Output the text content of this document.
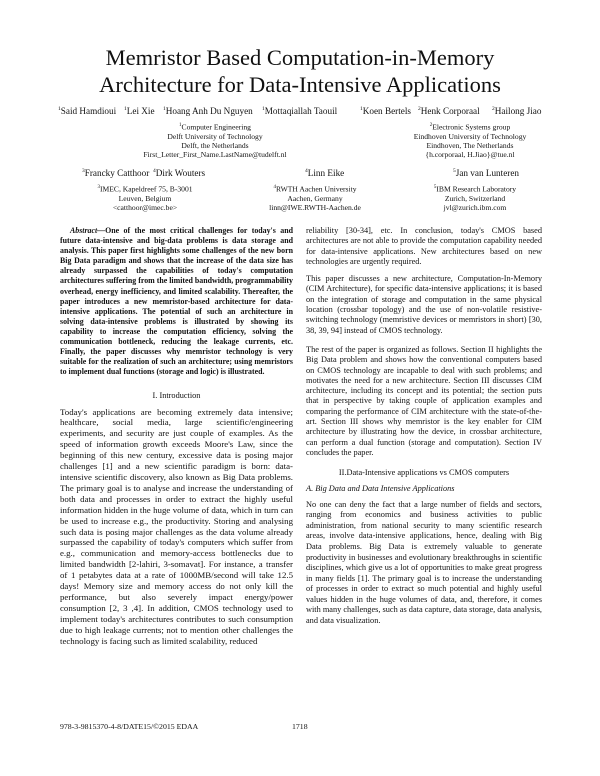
Memristor Based Computation-in-Memory
Architecture for Data-Intensive Applications
$^1$Said Hamdioui $^1$Lei Xie $^1$Hoang Anh Du Nguyen $^1$Mottaqiallah Taouil	$^1$Koen Bertels $^2$Henk Corporaal $^2$Hailong Jiao
$^1$Computer Engineering
Delft University of Technology
Delft, the Netherlands
First_Letter_First_Name.LastName@tudelft.nl
$^2$Electronic Systems group
Eindhoven University of Technology
Eindhoven, The Netherlands
{h.corporaal, H.Jiao}@tue.nl
$^3$Francky Catthoor $^4$Dirk Wouters	$^4$Linn Eike	$^5$Jan van Lunteren
$^3$IMEC, Kapeldreef 75, B-3001
Leuven, Belgium
<catthoor@imec.be>
$^4$RWTH Aachen University
Aachen, Germany
linn@IWE.RWTH-Aachen.de
$^5$IBM Research Laboratory
Zurich, Switzerland
jvl@zurich.ibm.com

Abstract—One of the most critical challenges for today's and future data-intensive and big-data problems is data storage and analysis. This paper first highlights some challenges of the new born Big Data paradigm and shows that the increase of the data size has already surpassed the capabilities of today's computation architectures suffering from the limited bandwidth, programmability overhead, energy inefficiency, and limited scalability. Thereafter, the paper introduces a new memristor-based architecture for data-intensive applications. The potential of such an architecture in solving data-intensive problems is illustrated by showing its capability to increase the computation efficiency, solving the communication bottleneck, reducing the leakage currents, etc. Finally, the paper discusses why memristor technology is very suitable for the realization of such an architecture; using memristors to implement dual functions (storage and logic) is illustrated.

I. Introduction

Today's applications are becoming extremely data intensive; healthcare, social media, large scientific/engineering experiments, and security are just couple of examples. As the speed of information growth exceeds Moore's Law, since the beginning of this new century, excessive data is posing major challenges [1] and a new scientific paradigm is born: data-intensive scientific discovery, also known as Big Data problems. The primary goal is to analyse and increase the understanding of both data and processes in order to extract the highly useful information hidden in the huge volume of data, which in turn can be used to increase e.g., the productivity. Storing and analysing such data is posing major challenges as the data volume already surpassed the capability of today's computers which suffer from e.g., communication and memory-access bottlenecks due to limited bandwidth [2-lahiri, 3-somavat]. For instance, a transfer of 1 petabytes data at a rate of 1000MB/second will take 12.5 days! Memory size and memory access do not only kill the performance, but also severely impact energy/power consumption [2, 3 ,4]. In addition, CMOS technology used to implement today's architectures contributes to such consumption due to high leakage currents; not to mention other challenges the technology is facing such as limited scalability, reduced

reliability [30-34], etc. In conclusion, today's CMOS based architectures are not able to provide the computation capability needed for data-intensive applications. New architectures based on new technologies are urgently required.

This paper discusses a new architecture, Computation-In-Memory (CIM Architecture), for specific data-intensive applications; it is based on the integration of storage and computation in the same physical location (crossbar topology) and the use of non-volatile resistive-switching technology (memristive devices or memristors in short) [30, 38, 39, 94] instead of CMOS technology.

The rest of the paper is organized as follows. Section II highlights the Big Data problem and shows how the conventional computers based on CMOS technology are incapable to deal with such problems; and motivates the need for a new architecture. Section III discusses CIM architecture, including its concept and its potential; the section puts that in perspective by taking couple of application examples and comparing the performance of CIM architecture with the state-of-the-art. Section III shows why memristor is the key enabler for CIM architecture by illustrating how the device, in crossbar architecture, can perform a dual function (storage and computation). Section IV concludes the paper.

II.Data-Intensive applications vs CMOS computers
A. Big Data and Data Intensive Applications

No one can deny the fact that a large number of fields and sectors, ranging from economics and business activities to public administration, from national security to many scientific research areas, involve data-intensive applications, hence, dealing with Big Data problems. Big Data is extremely valuable to generate productivity in businesses and evolutionary breakthroughs in scientific disciplines, which give us a lot of opportunities to make great progress in many fields [1]. The primary goal is to increase the understanding of processes in order to extract so much potential and highly useful values hidden in the huge volumes of data, and, therefore, it comes with many challenges, such as data capture, data storage, data analysis, and data visualization.

978-3-9815370-4-8/DATE15/©2015 EDAA	1718
